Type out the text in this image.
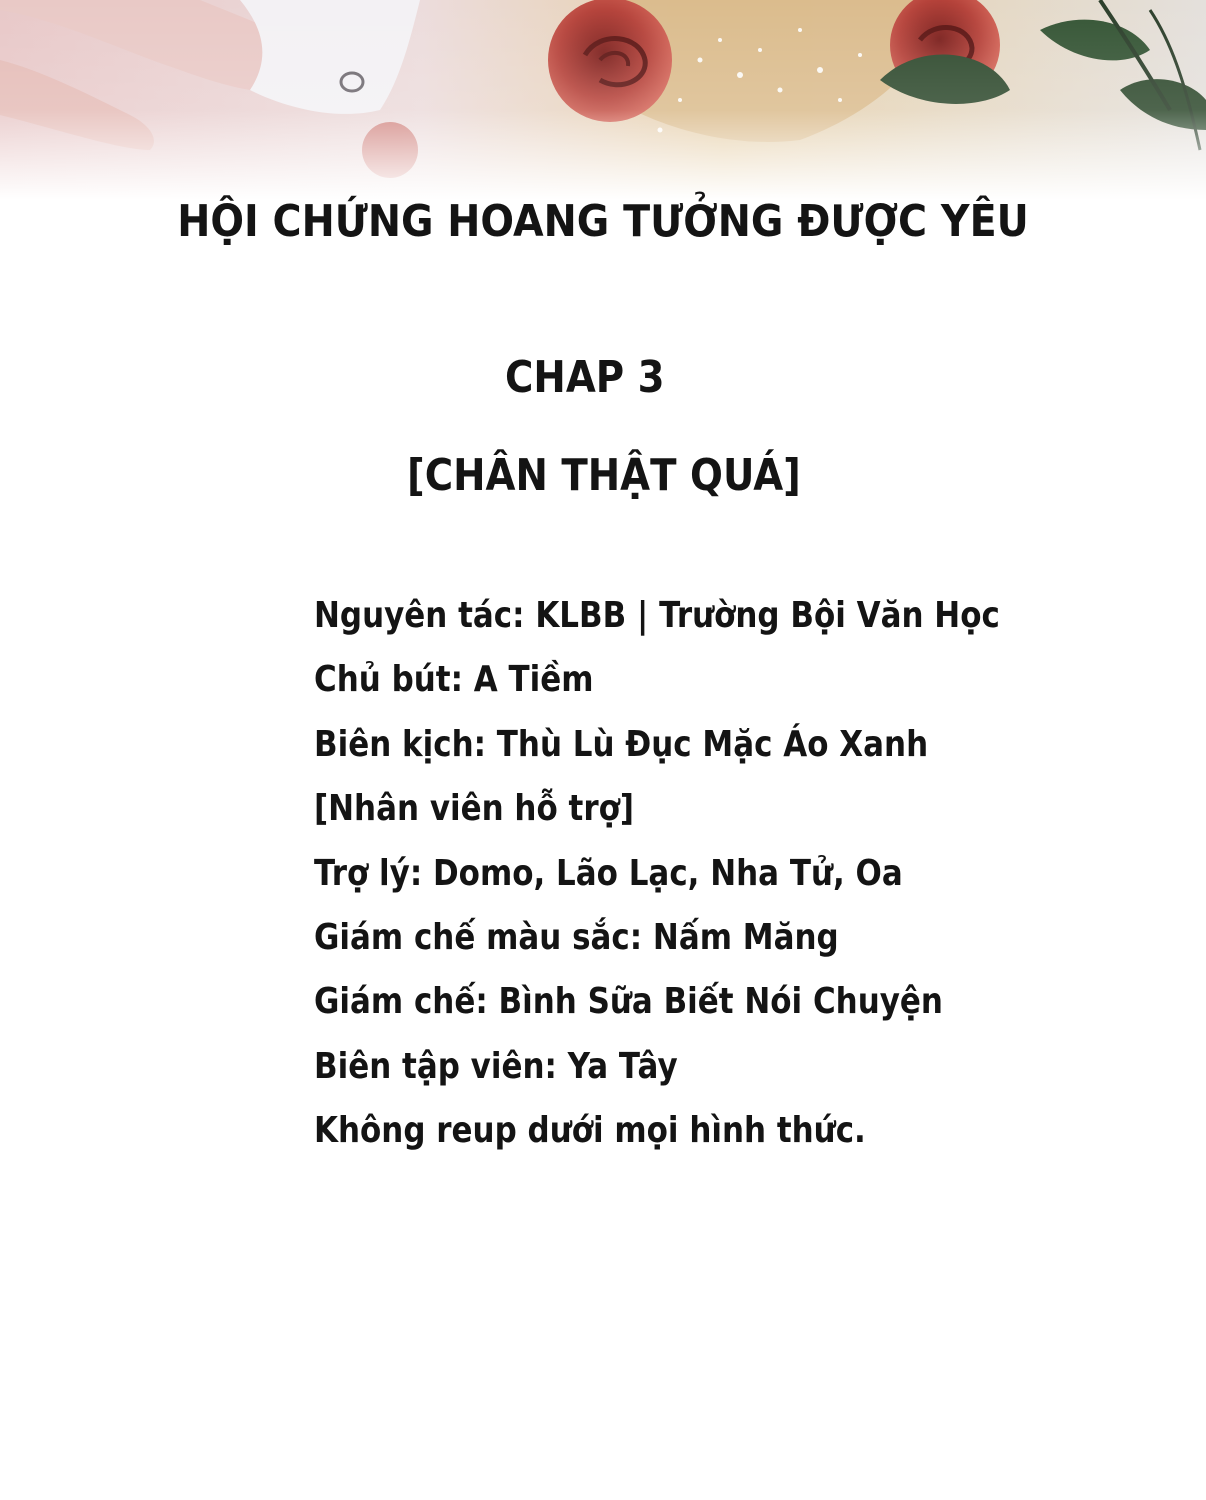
HỘI CHỨNG HOANG TƯỞNG ĐƯỢC YÊU
CHAP 3
[CHÂN THẬT QUÁ]
Nguyên tác: KLBB | Trường Bội Văn Học
Chủ bút: A Tiềm
Biên kịch: Thù Lù Đục Mặc Áo Xanh
[Nhân viên hỗ trợ]
Trợ lý: Domo, Lão Lạc, Nha Tử, Oa
Giám chế màu sắc: Nấm Măng
Giám chế: Bình Sữa Biết Nói Chuyện
Biên tập viên: Ya Tây
Không reup dưới mọi hình thức.
